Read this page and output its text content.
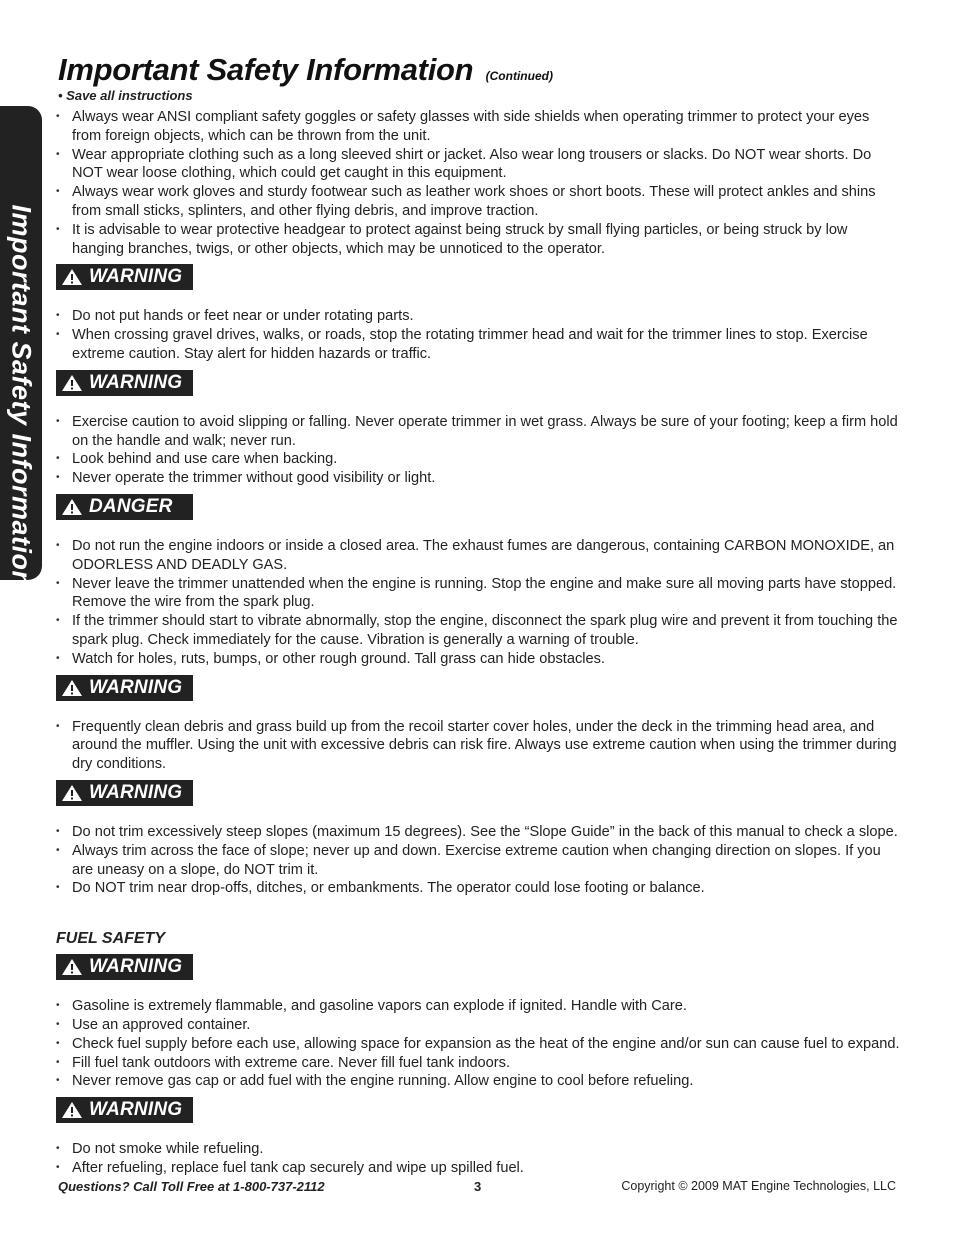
Important Safety Information
Important Safety Information (Continued)
• Save all instructions
• Always wear ANSI compliant safety goggles or safety glasses with side shields when operating trimmer to protect your eyes from foreign objects, which can be thrown from the unit.
• Wear appropriate clothing such as a long sleeved shirt or jacket. Also wear long trousers or slacks. Do NOT wear shorts. Do NOT wear loose clothing, which could get caught in this equipment.
• Always wear work gloves and sturdy footwear such as leather work shoes or short boots. These will protect ankles and shins from small sticks, splinters, and other flying debris, and improve traction.
• It is advisable to wear protective headgear to protect against being struck by small flying particles, or being struck by low hanging branches, twigs, or other objects, which may be unnoticed to the operator.
WARNING
• Do not put hands or feet near or under rotating parts.
• When crossing gravel drives, walks, or roads, stop the rotating trimmer head and wait for the trimmer lines to stop. Exercise extreme caution. Stay alert for hidden hazards or traffic.
WARNING
• Exercise caution to avoid slipping or falling. Never operate trimmer in wet grass. Always be sure of your footing; keep a firm hold on the handle and walk; never run.
• Look behind and use care when backing.
• Never operate the trimmer without good visibility or light.
DANGER
• Do not run the engine indoors or inside a closed area. The exhaust fumes are dangerous, containing CARBON MONOXIDE, an ODORLESS AND DEADLY GAS.
• Never leave the trimmer unattended when the engine is running. Stop the engine and make sure all moving parts have stopped. Remove the wire from the spark plug.
• If the trimmer should start to vibrate abnormally, stop the engine, disconnect the spark plug wire and prevent it from touching the spark plug. Check immediately for the cause. Vibration is generally a warning of trouble.
• Watch for holes, ruts, bumps, or other rough ground. Tall grass can hide obstacles.
WARNING
• Frequently clean debris and grass build up from the recoil starter cover holes, under the deck in the trimming head area, and around the muffler. Using the unit with excessive debris can risk fire. Always use extreme caution when using the trimmer during dry conditions.
WARNING
• Do not trim excessively steep slopes (maximum 15 degrees). See the “Slope Guide” in the back of this manual to check a slope.
• Always trim across the face of slope; never up and down. Exercise extreme caution when changing direction on slopes. If you are uneasy on a slope, do NOT trim it.
• Do NOT trim near drop-offs, ditches, or embankments. The operator could lose footing or balance.
FUEL SAFETY
WARNING
• Gasoline is extremely flammable, and gasoline vapors can explode if ignited. Handle with Care.
• Use an approved container.
• Check fuel supply before each use, allowing space for expansion as the heat of the engine and/or sun can cause fuel to expand.
• Fill fuel tank outdoors with extreme care. Never fill fuel tank indoors.
• Never remove gas cap or add fuel with the engine running. Allow engine to cool before refueling.
WARNING
• Do not smoke while refueling.
• After refueling, replace fuel tank cap securely and wipe up spilled fuel.
Questions? Call Toll Free at 1-800-737-2112	3	Copyright © 2009 MAT Engine Technologies, LLC
